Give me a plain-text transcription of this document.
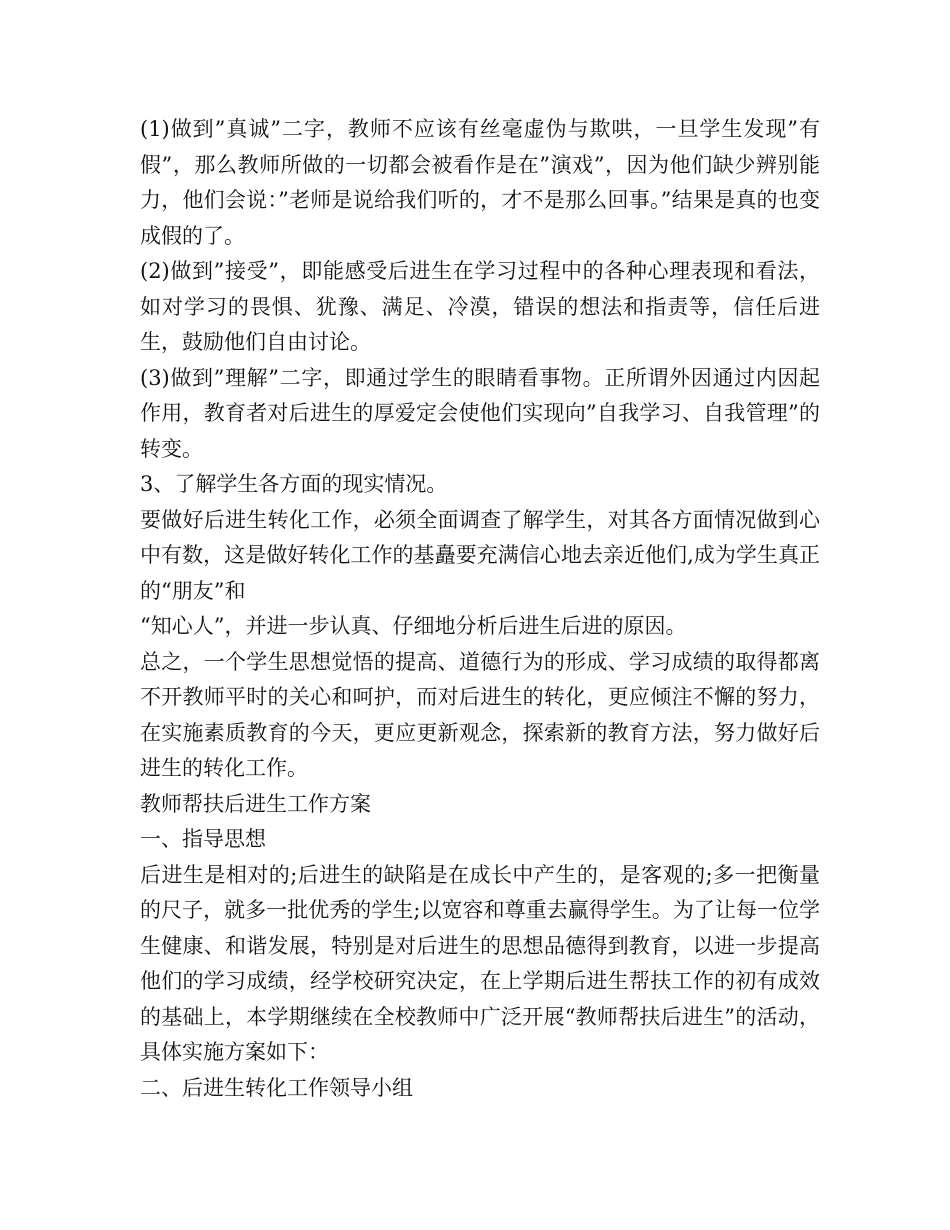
(1)做到”真诚”二字，教师不应该有丝毫虚伪与欺哄，一旦学生发现”有假”，那么教师所做的一切都会被看作是在”演戏”，因为他们缺少辨别能力，他们会说：”老师是说给我们听的，才不是那么回事。”结果是真的也变成假的了。

(2)做到”接受”，即能感受后进生在学习过程中的各种心理表现和看法，如对学习的畏惧、犹豫、满足、冷漠，错误的想法和指责等，信任后进生，鼓励他们自由讨论。

(3)做到”理解”二字，即通过学生的眼睛看事物。正所谓外因通过内因起作用，教育者对后进生的厚爱定会使他们实现向”自我学习、自我管理”的转变。

3、了解学生各方面的现实情况。

要做好后进生转化工作，必须全面调查了解学生，对其各方面情况做到心中有数，这是做好转化工作的基矗要充满信心地去亲近他们,成为学生真正的“朋友”和

“知心人”，并进一步认真、仔细地分析后进生后进的原因。

总之，一个学生思想觉悟的提高、道德行为的形成、学习成绩的取得都离不开教师平时的关心和呵护，而对后进生的转化，更应倾注不懈的努力，在实施素质教育的今天，更应更新观念，探索新的教育方法，努力做好后进生的转化工作。

教师帮扶后进生工作方案

一、指导思想

后进生是相对的;后进生的缺陷是在成长中产生的，是客观的;多一把衡量的尺子，就多一批优秀的学生;以宽容和尊重去赢得学生。为了让每一位学生健康、和谐发展，特别是对后进生的思想品德得到教育，以进一步提高他们的学习成绩，经学校研究决定，在上学期后进生帮扶工作的初有成效的基础上，本学期继续在全校教师中广泛开展“教师帮扶后进生”的活动，具体实施方案如下：

二、后进生转化工作领导小组
